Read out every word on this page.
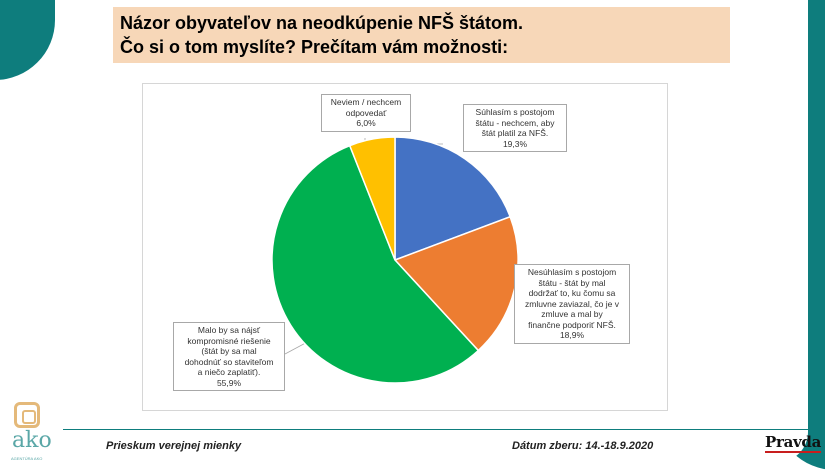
Názor obyvateľov na neodkúpenie NFŠ štátom.
Čo si o tom myslíte? Prečítam vám možnosti:
Súhlasím s postojom
štátu - nechcem, aby
štát platil za NFŠ.
19,3%
Nesúhlasím s postojom
štátu - štát by mal
dodržať to, ku čomu sa
zmluvne zaviazal, čo je v
zmluve a mal by
finančne podporiť NFŠ.
18,9%
Malo by sa nájsť
kompromisné riešenie
(štát by sa mal
dohodnúť so staviteľom
a niečo zaplatiť).
55,9%
Neviem / nechcem
odpovedať
6,0%
Prieskum verejnej mienky	Dátum zberu: 14.-18.9.2020
ako
AGENTÚRA AKO
Pravda
